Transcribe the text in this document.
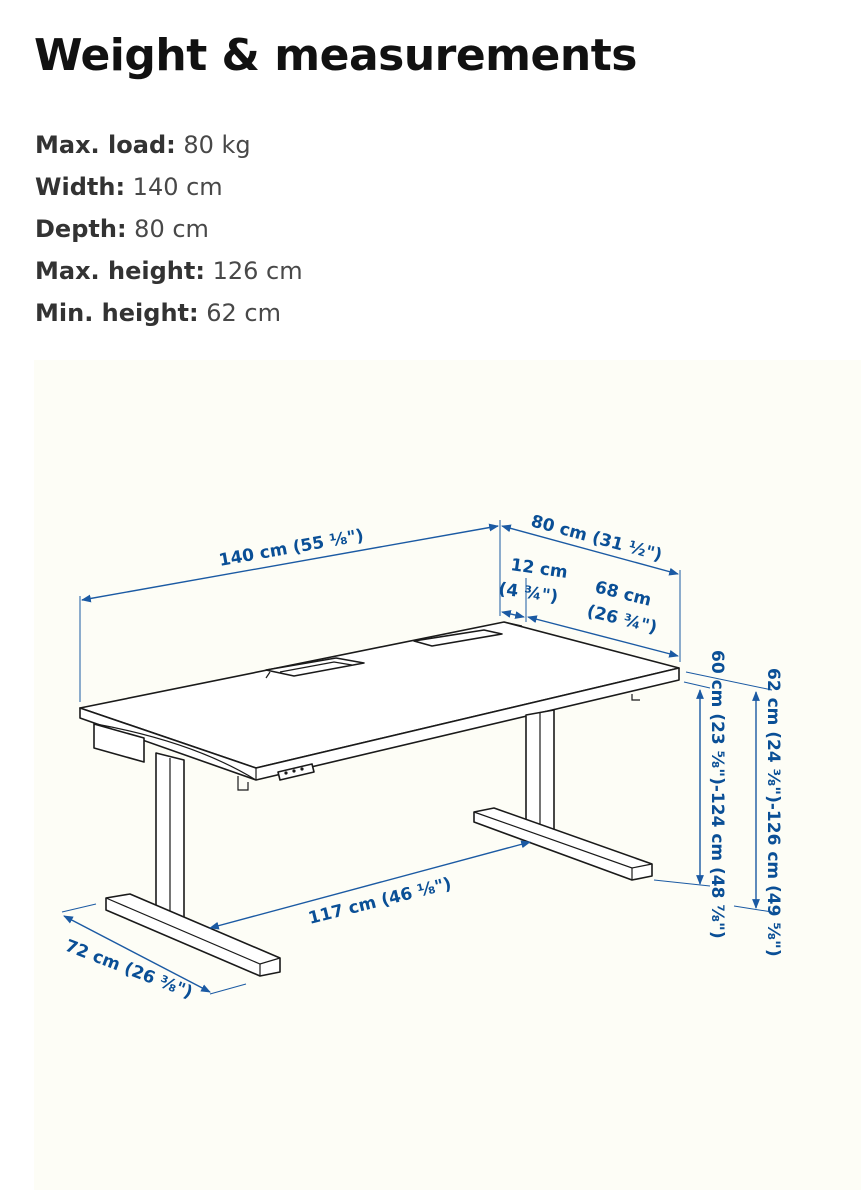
Weight & measurements
Max. load: 80 kg
Width: 140 cm
Depth: 80 cm
Max. height: 126 cm
Min. height: 62 cm
140 cm (55 ⅛")	80 cm (31 ½")
12 cm
(4 ¾") 68 cm
(26 ¾")
117 cm (46 ⅛")
72 cm (26 ⅜")
60 cm (23 ⅝")-124 cm (48 ⅞") 62 cm (24 ⅜")-126 cm (49 ⅝")
